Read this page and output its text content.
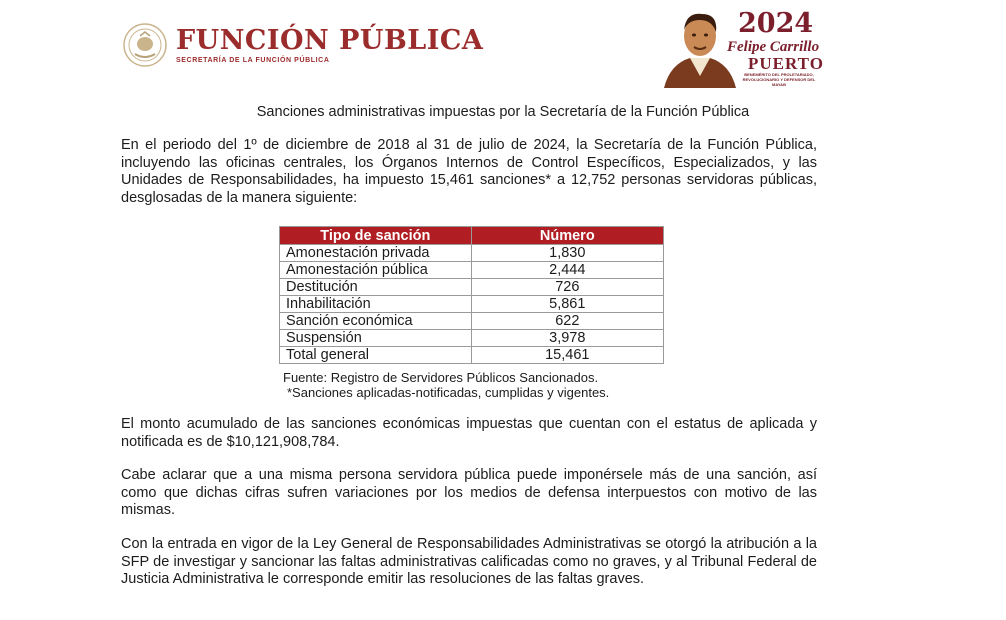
FUNCIÓN PÚBLICA
SECRETARÍA DE LA FUNCIÓN PÚBLICA
2024
Felipe Carrillo
PUERTO
BENEMÉRITO DEL PROLETARIADO, REVOLUCIONARIO Y DEFENSOR DEL MAYAB
Sanciones administrativas impuestas por la Secretaría de la Función Pública

En el periodo del 1º de diciembre de 2018 al 31 de julio de 2024, la Secretaría de la Función Pública, incluyendo las oficinas centrales, los Órganos Internos de Control Específicos, Especializados, y las Unidades de Responsabilidades, ha impuesto 15,461 sanciones* a 12,752 personas servidoras públicas, desglosadas de la manera siguiente:

Tipo de sanción	Número
Amonestación privada	1,830
Amonestación pública	2,444
Destitución	726
Inhabilitación	5,861
Sanción económica	622
Suspensión	3,978
Total general	15,461
Fuente: Registro de Servidores Públicos Sancionados.
*Sanciones aplicadas-notificadas, cumplidas y vigentes.

El monto acumulado de las sanciones económicas impuestas que cuentan con el estatus de aplicada y notificada es de $10,121,908,784.

Cabe aclarar que a una misma persona servidora pública puede imponérsele más de una sanción, así como que dichas cifras sufren variaciones por los medios de defensa interpuestos con motivo de las mismas.

Con la entrada en vigor de la Ley General de Responsabilidades Administrativas se otorgó la atribución a la SFP de investigar y sancionar las faltas administrativas calificadas como no graves, y al Tribunal Federal de Justicia Administrativa le corresponde emitir las resoluciones de las faltas graves.
